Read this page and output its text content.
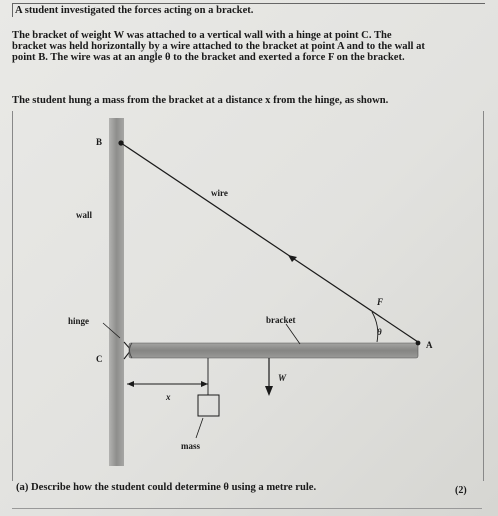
A student investigated the forces acting on a bracket.
The bracket of weight W was attached to a vertical wall with a hinge at point C. The bracket was held horizontally by a wire attached to the bracket at point A and to the wall at point B. The wire was at an angle θ to the bracket and exerted a force F on the bracket.
The student hung a mass from the bracket at a distance x from the hinge, as shown.
B
wall
wire
F
hinge	bracket
θ
A
C
W
x
mass
(a) Describe how the student could determine θ using a metre rule.	(2)
